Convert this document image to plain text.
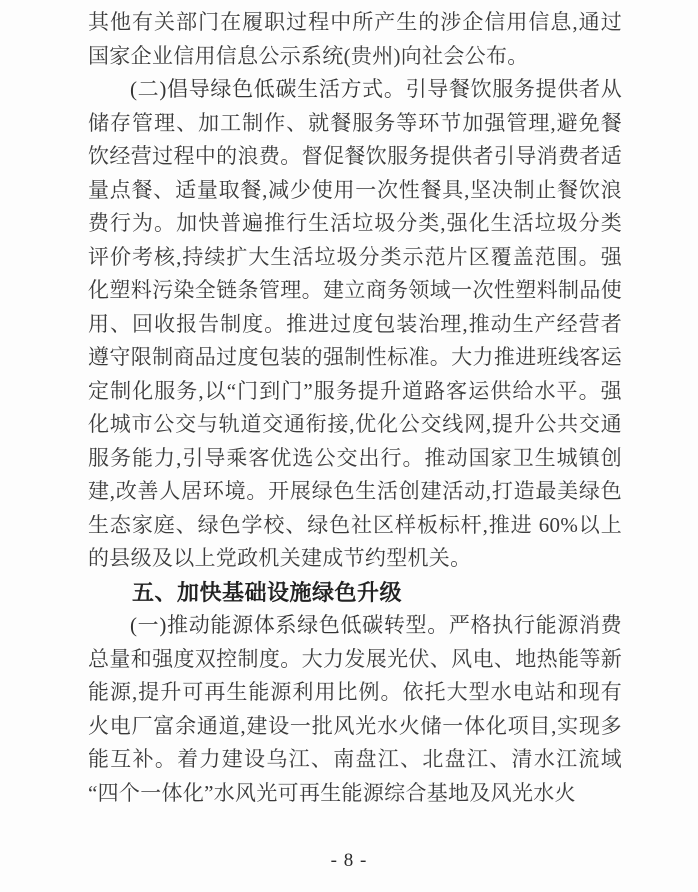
其他有关部门在履职过程中所产生的涉企信用信息,通过国家企业信用信息公示系统(贵州)向社会公布。

(二)倡导绿色低碳生活方式。引导餐饮服务提供者从储存管理、加工制作、就餐服务等环节加强管理,避免餐饮经营过程中的浪费。督促餐饮服务提供者引导消费者适量点餐、适量取餐,减少使用一次性餐具,坚决制止餐饮浪费行为。加快普遍推行生活垃圾分类,强化生活垃圾分类评价考核,持续扩大生活垃圾分类示范片区覆盖范围。强化塑料污染全链条管理。建立商务领域一次性塑料制品使用、回收报告制度。推进过度包装治理,推动生产经营者遵守限制商品过度包装的强制性标准。大力推进班线客运定制化服务,以“门到门”服务提升道路客运供给水平。强化城市公交与轨道交通衔接,优化公交线网,提升公共交通服务能力,引导乘客优选公交出行。推动国家卫生城镇创建,改善人居环境。开展绿色生活创建活动,打造最美绿色生态家庭、绿色学校、绿色社区样板标杆,推进 60%以上的县级及以上党政机关建成节约型机关。

五、加快基础设施绿色升级

(一)推动能源体系绿色低碳转型。严格执行能源消费总量和强度双控制度。大力发展光伏、风电、地热能等新能源,提升可再生能源利用比例。依托大型水电站和现有火电厂富余通道,建设一批风光水火储一体化项目,实现多能互补。着力建设乌江、南盘江、北盘江、清水江流域“四个一体化”水风光可再生能源综合基地及风光水火

- 8 -
